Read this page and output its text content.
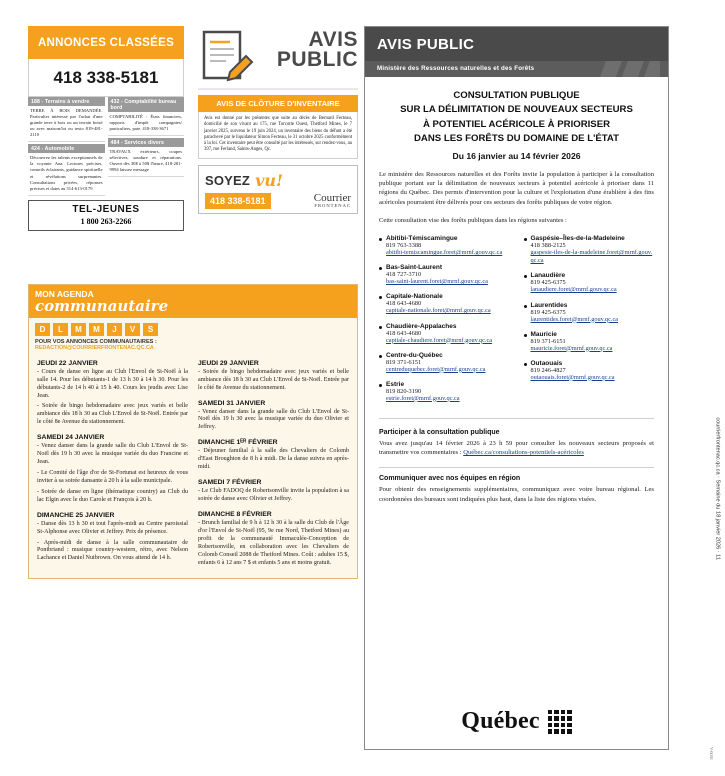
ANNONCES CLASSÉES
418 338-5181
188 - Terrains à vendre
TERRE À BOIS DEMANDÉE. Particulier intéressé par l'achat d'une grande terre à bois ou un terrain boisé ou avec maison/lot ou texto 819-481-2110
424 - Automobile
Découvrez les talents exceptionnels de la voyante Ana. Lectures précises, conseils éclairants, guidance spirituelle et révélations surprenantes. Consultations privées, réponses précises et dates au 514-613-0179
432 - Comptabilité bureau bord
COMPTABILITÉ : États financiers, rapports d'impôt compagnies/ particuliers, paie. 418-338-3671
484 - Services divers
TRAVAUX extérieurs, coupes sélectives, soudure et réparations. Ouvert dès 30$ à 50$ l'heure, 418-281-9994 laissez message
TEL-JEUNES
1 800 263-2266
AVIS
PUBLIC
AVIS DE CLÔTURE D'INVENTAIRE
Avis est donné par les présentes que suite au décès de Bernard Fecteau, domicilié de son vivant au 175, rue Turcotte Ouest, Thetford Mines, le 7 janvier 2025, survenu le 19 juin 2024, un inventaire des biens du défunt a été parachevé par le liquidateur Simon Fecteau, le 31 octobre 2025 conformément à la loi. Cet inventaire peut être consulté par les intéressés, sur rendez-vous, au 397, rue Ferland, Saints-Anges, Qc.
SOYEZ vu!
418 338-5181	Courrier
FRONTENAC
MON AGENDA
communautaire
D	L	M	M	J	V	S
POUR VOS ANNONCES COMMUNAUTAIRES :
REDACTION@COURRIERFRONTENAC.QC.CA
JEUDI 22 JANVIER
- Cours de danse en ligne au Club l'Envol de St-Noël à la salle 14. Pour les débutants-1 de 13 h 30 à 14 h 30. Pour les débutants-2 de 14 h 40 à 15 h 40. Cours les jeudis avec Lise Jean.
- Soirée de bingo hebdomadaire avec jeux variés et belle ambiance dès 18 h 30 au Club L'Envol de St-Noël. Entrée par le côté 8e Avenue du stationnement.
SAMEDI 24 JANVIER
- Venez danser dans la grande salle du Club L'Envol de St-Noël dès 19 h 30 avec la musique variée du duo Francine et Jean.
- Le Comité de l'âge d'or de St-Fortunat est heureux de vous inviter à sa soirée dansante à 20 h à la salle municipale.
- Soirée de danse en ligne (thématique country) au Club du lac Elgin avec le duo Carole et François à 20 h.
DIMANCHE 25 JANVIER
- Danse dès 13 h 30 et tout l'après-midi au Centre paroissial St-Alphonse avec Olivier et Jeffrey. Prix de présence.
- Après-midi de danse à la salle communautaire de Pontbriand : musique country-western, rétro, avec Nelson Lachance et Daniel Nutbrown. On vous attend de 14 h.
JEUDI 29 JANVIER
- Soirée de bingo hebdomadaire avec jeux variés et belle ambiance dès 18 h 30 au Club L'Envol de St-Noël. Entrée par le côté 8e Avenue du stationnement.
SAMEDI 31 JANVIER
- Venez danser dans la grande salle du Club L'Envol de St-Noël dès 19 h 30 avec la musique variée du duo Olivier et Jeffrey.
DIMANCHE 1ᴱᴿ FÉVRIER
- Déjeuner familial à la salle des Chevaliers de Colomb d'East Broughton de 8 h à midi. De la danse suivra en après-midi.
SAMEDI 7 FÉVRIER
- Le Club FADOQ de Robertsonville invite la population à sa soirée de danse avec Olivier et Jeffrey.
DIMANCHE 8 FÉVRIER
- Brunch familial de 9 h à 12 h 30 à la salle du Club de l'Âge d'or l'Envol de St-Noël (95, 9e rue Nord, Thetford Mines) au profit de la communauté Immaculée-Conception de Robertsonville, en collaboration avec les Chevaliers de Colomb Conseil 2088 de Thetford Mines. Coût : adultes 15 $, enfants 6 à 12 ans 7 $ et enfants 5 ans et moins gratuit.
AVIS PUBLIC
Ministère des Ressources naturelles et des Forêts
CONSULTATION PUBLIQUE
SUR LA DÉLIMITATION DE NOUVEAUX SECTEURS
À POTENTIEL ACÉRICOLE À PRIORISER
DANS LES FORÊTS DU DOMAINE DE L'ÉTAT
Du 16 janvier au 14 février 2026

Le ministère des Ressources naturelles et des Forêts invite la population à participer à la consultation publique portant sur la délimitation de nouveaux secteurs à potentiel acéricole à prioriser dans 11 régions du Québec. Des permis d'intervention pour la culture et l'exploitation d'une érablière à des fins acéricoles pourraient être délivrés pour ces secteurs des forêts publiques de votre région.

Cette consultation vise des forêts publiques dans les régions suivantes :

Abitibi-Témiscamingue
819 763-3388
abitibi-temiscamingue.foret@mrnf.gouv.qc.ca
Bas-Saint-Laurent
418 727-3710
bas-saint-laurent.foret@mrnf.gouv.qc.ca
Capitale-Nationale
418 643-4680
capitale-nationale.foret@mrnf.gouv.qc.ca
Chaudière-Appalaches
418 643-4680
capitale-chaudiere.foret@mrnf.gouv.qc.ca
Centre-du-Québec
819 371-6151
centreduquebec.foret@mrnf.gouv.qc.ca
Estrie
819 820-3190
estrie.foret@mrnf.gouv.qc.ca
Gaspésie–Îles-de-la-Madeleine
418 388-2125
gaspesie-iles-de-la-madeleine.foret@mrnf.gouv.qc.ca
Lanaudière
819 425-6375
lanaudiere.foret@mrnf.gouv.qc.ca
Laurentides
819 425-6375
laurentides.foret@mrnf.gouv.qc.ca
Mauricie
819 371-6151
mauricie.foret@mrnf.gouv.qc.ca
Outaouais
819 246-4827
outaouais.foret@mrnf.gouv.qc.ca
Participer à la consultation publique

Vous avez jusqu'au 14 février 2026 à 23 h 59 pour consulter les nouveaux secteurs proposés et transmettre vos commentaires : Québec.ca/consultations-potentiels-acéricoles

Communiquer avec nos équipes en région

Pour obtenir des renseignements supplémentaires, communiquez avec votre bureau régional. Les coordonnées des bureaux sont indiquées plus haut, dans la liste des régions visées.

Québec
courrierfrontenac.qc.ca · Semaine du 18 janvier 2026 · 11
V-0091
